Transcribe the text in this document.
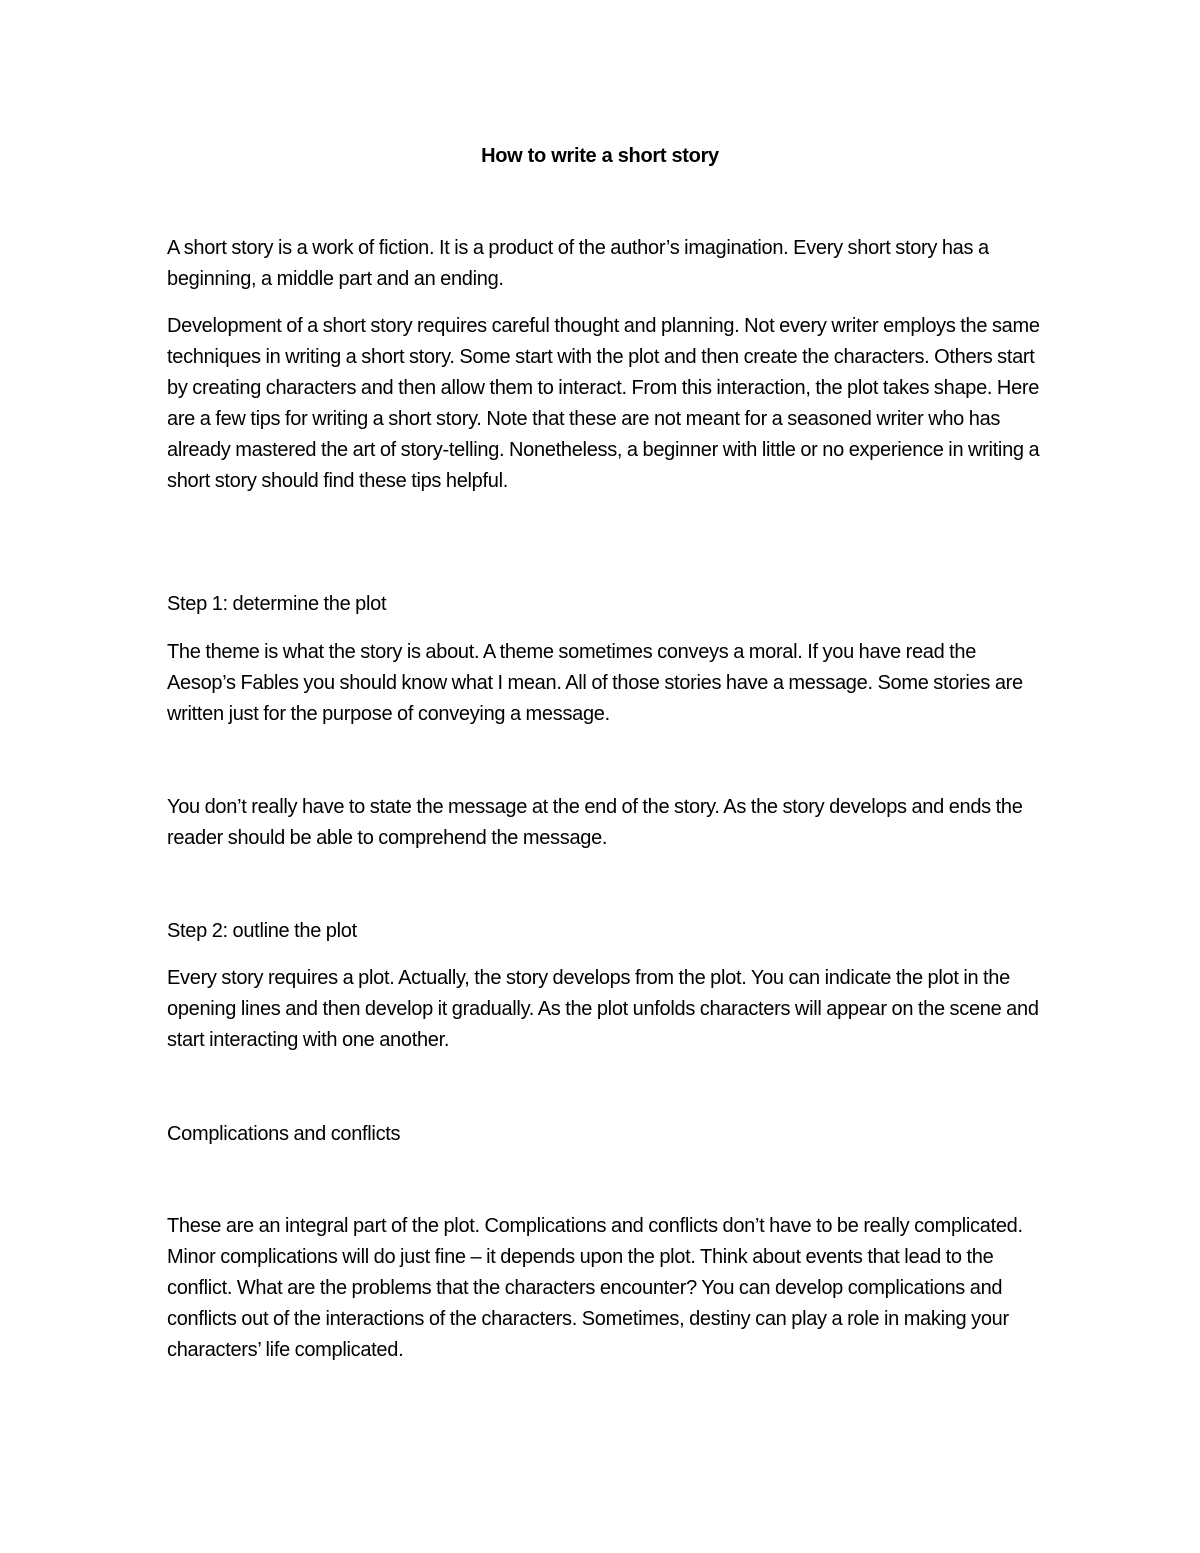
How to write a short story

A short story is a work of fiction. It is a product of the author’s imagination. Every short story has a beginning, a middle part and an ending.

Development of a short story requires careful thought and planning. Not every writer employs the same techniques in writing a short story. Some start with the plot and then create the characters. Others start by creating characters and then allow them to interact. From this interaction, the plot takes shape. Here are a few tips for writing a short story. Note that these are not meant for a seasoned writer who has already mastered the art of story-telling. Nonetheless, a beginner with little or no experience in writing a short story should find these tips helpful.

Step 1: determine the plot

The theme is what the story is about. A theme sometimes conveys a moral. If you have read the Aesop’s Fables you should know what I mean. All of those stories have a message. Some stories are written just for the purpose of conveying a message.

You don’t really have to state the message at the end of the story. As the story develops and ends the reader should be able to comprehend the message.

Step 2: outline the plot

Every story requires a plot. Actually, the story develops from the plot. You can indicate the plot in the opening lines and then develop it gradually. As the plot unfolds characters will appear on the scene and start interacting with one another.

Complications and conflicts

These are an integral part of the plot. Complications and conflicts don’t have to be really complicated. Minor complications will do just fine – it depends upon the plot. Think about events that lead to the conflict. What are the problems that the characters encounter? You can develop complications and conflicts out of the interactions of the characters. Sometimes, destiny can play a role in making your characters’ life complicated.
